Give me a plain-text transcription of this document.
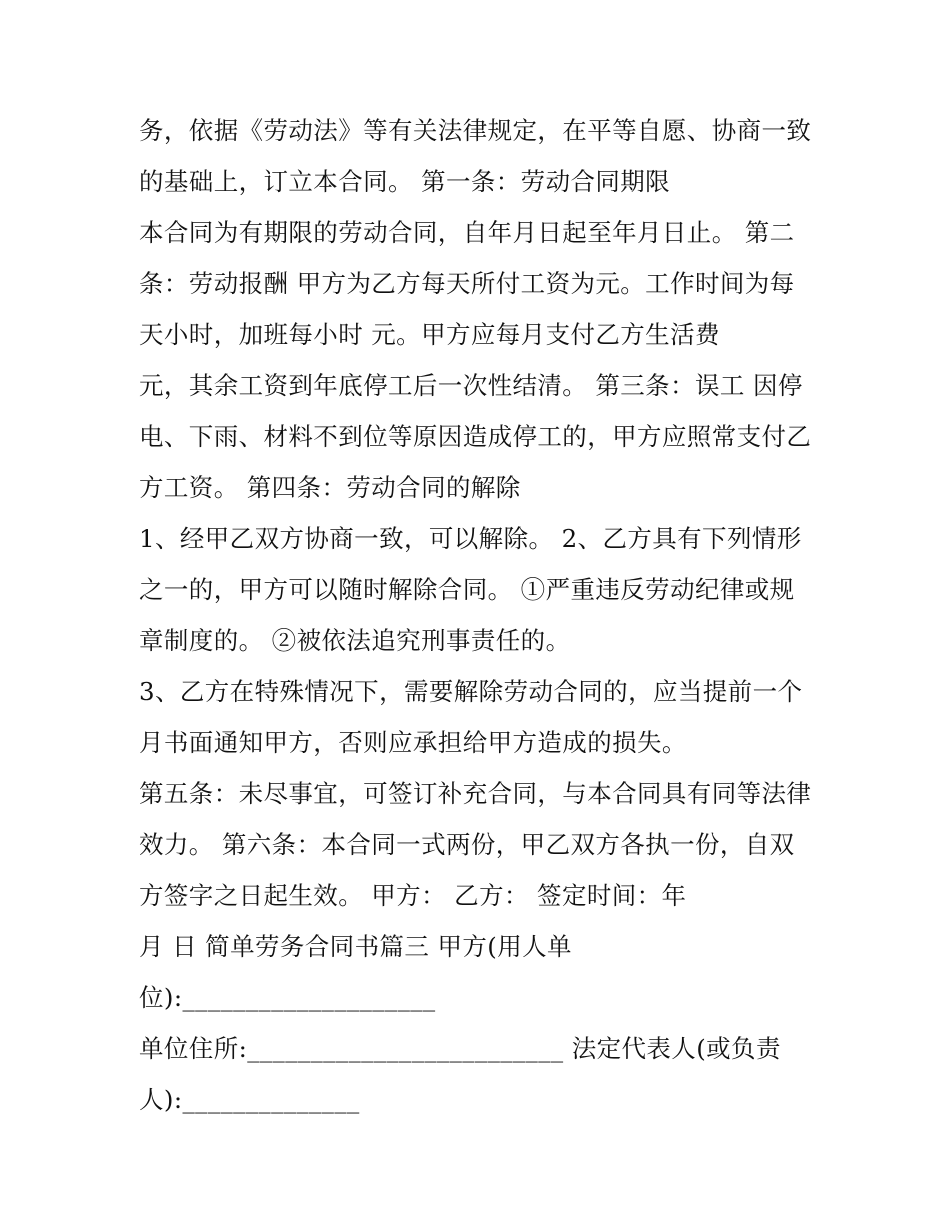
务，依据《劳动法》等有关法律规定，在平等自愿、协商一致
的基础上，订立本合同。 第一条：劳动合同期限
本合同为有期限的劳动合同，自年月日起至年月日止。 第二
条：劳动报酬 甲方为乙方每天所付工资为元。工作时间为每
天小时，加班每小时 元。甲方应每月支付乙方生活费
元，其余工资到年底停工后一次性结清。 第三条：误工 因停
电、下雨、材料不到位等原因造成停工的，甲方应照常支付乙
方工资。 第四条：劳动合同的解除
1、经甲乙双方协商一致，可以解除。 2、乙方具有下列情形
之一的，甲方可以随时解除合同。 ①严重违反劳动纪律或规
章制度的。 ②被依法追究刑事责任的。
3、乙方在特殊情况下，需要解除劳动合同的，应当提前一个
月书面通知甲方，否则应承担给甲方造成的损失。
第五条：未尽事宜，可签订补充合同，与本合同具有同等法律
效力。 第六条：本合同一式两份，甲乙双方各执一份，自双
方签字之日起生效。 甲方： 乙方： 签定时间：年
月 日 简单劳务合同书篇三 甲方(用人单
位):____________________
单位住所:_________________________ 法定代表人(或负责
人):______________
